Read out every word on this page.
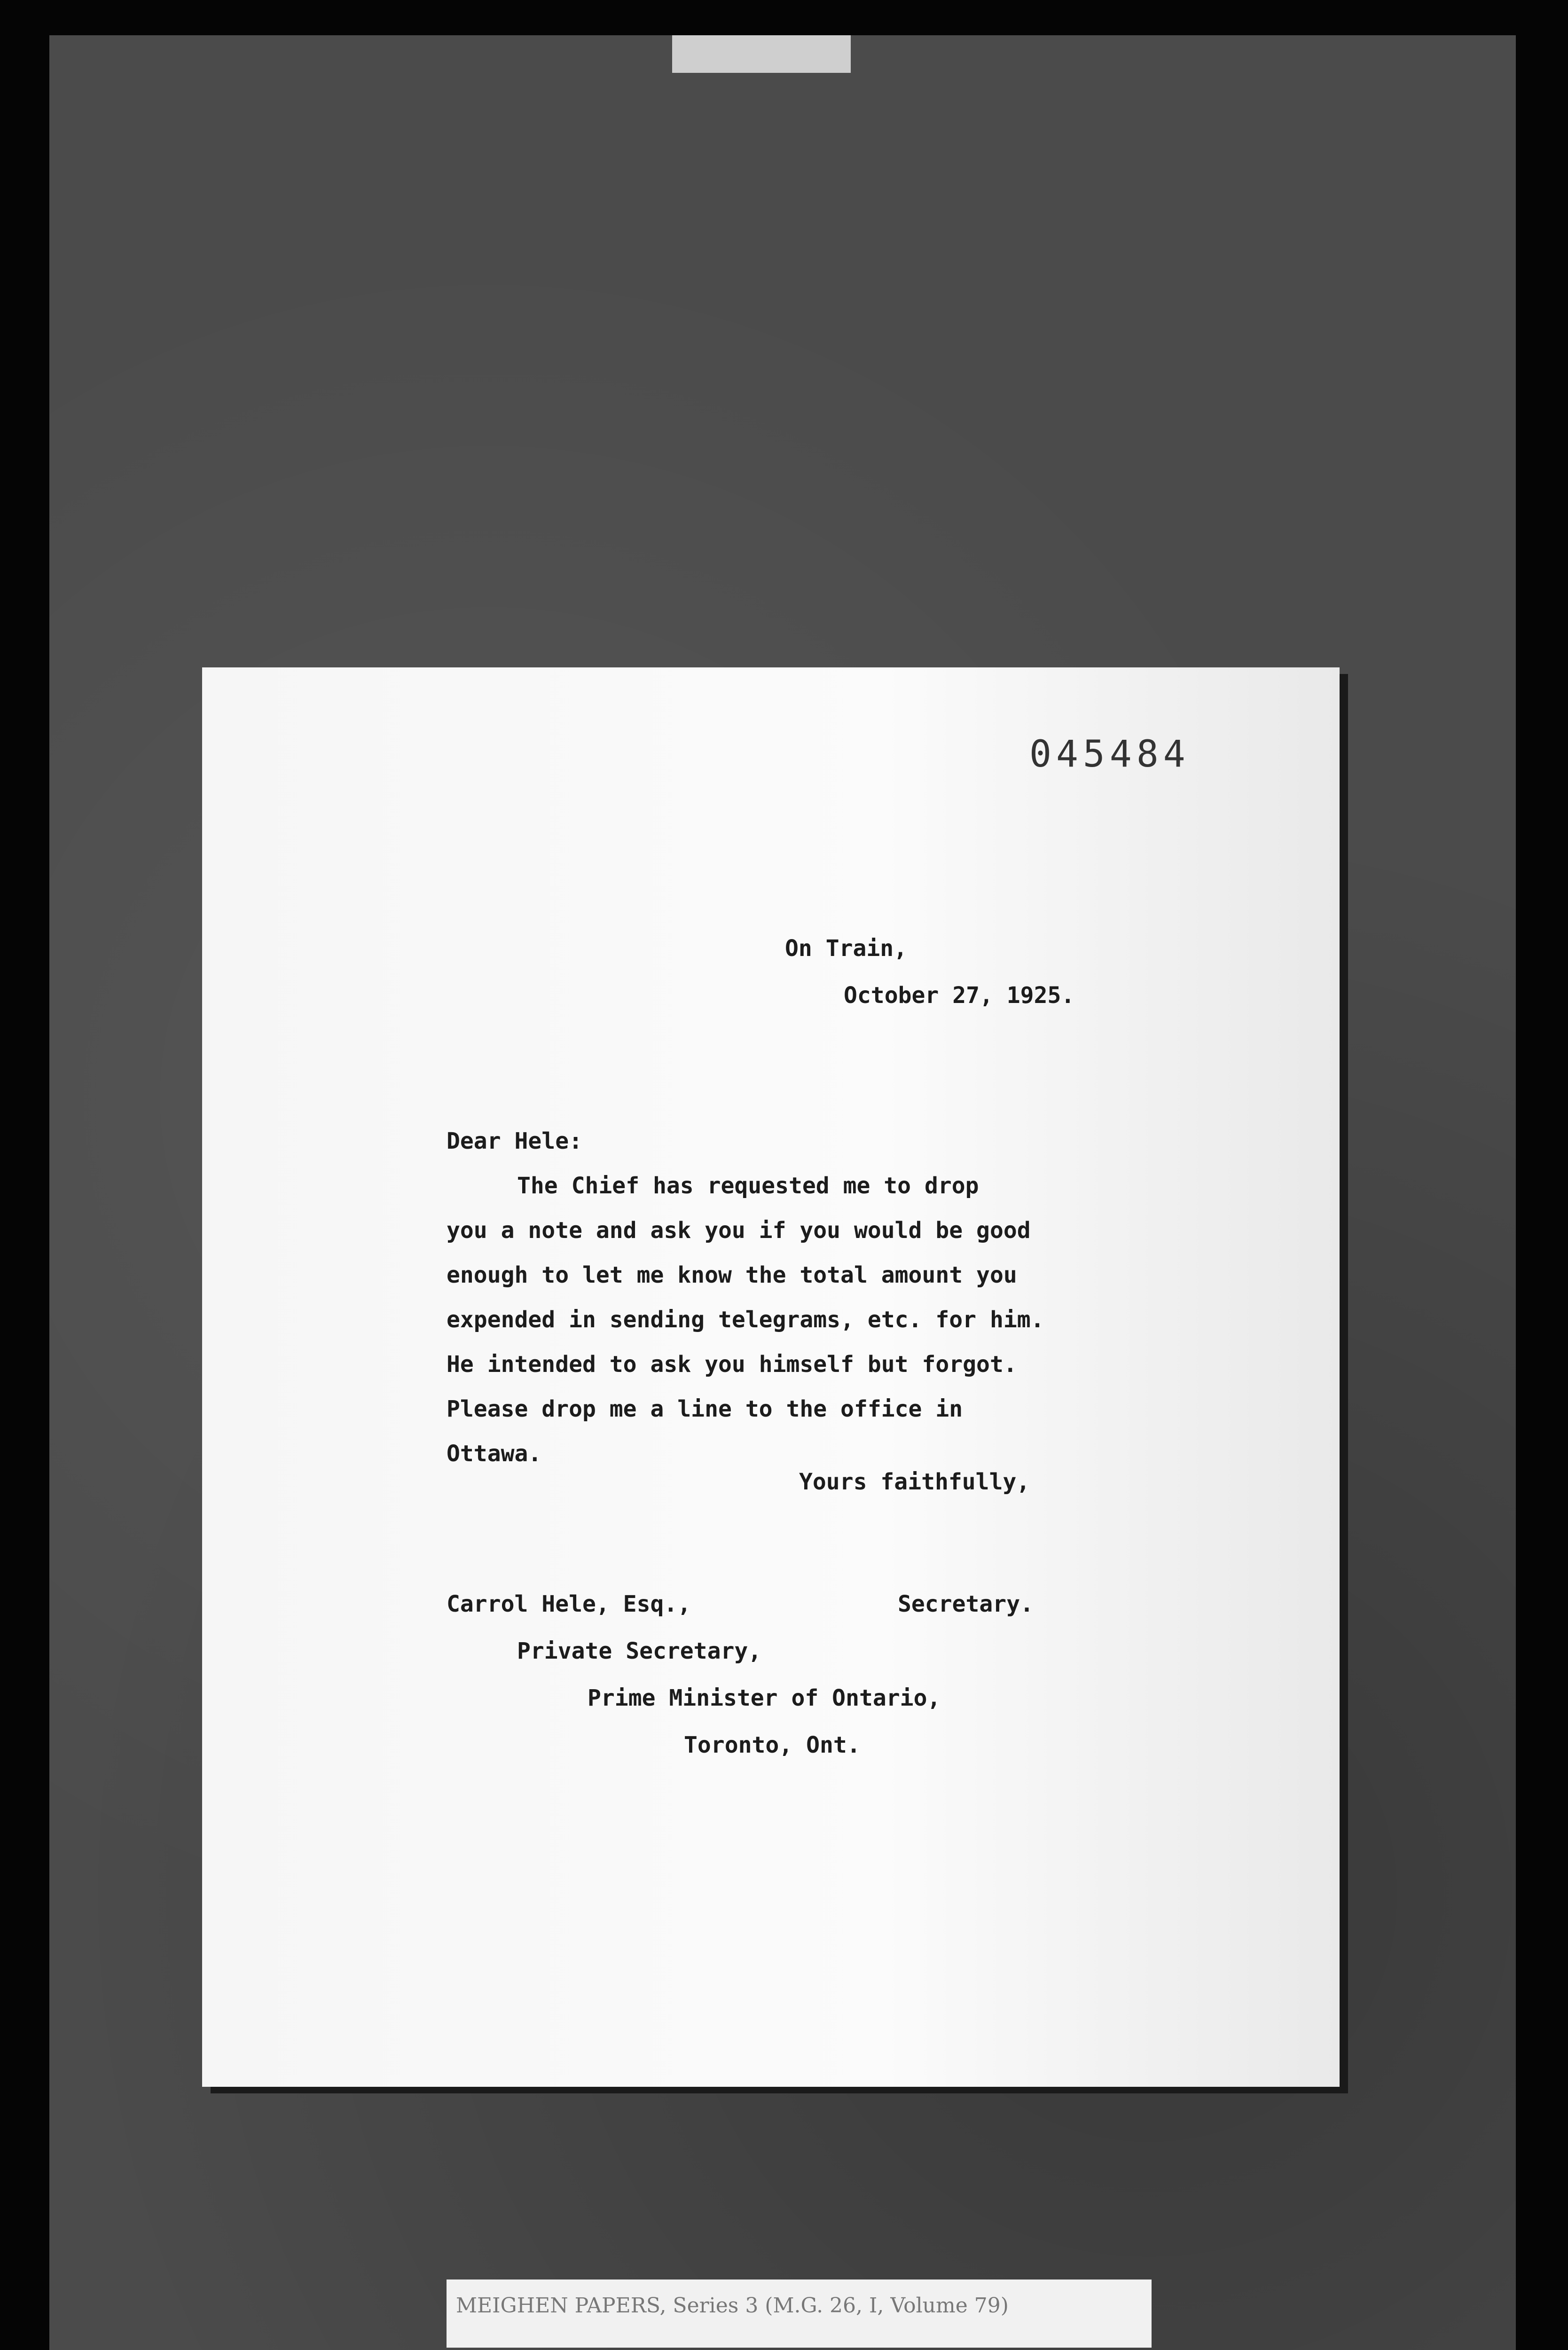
045484
On Train,
October 27, 1925.
Dear Hele:
The Chief has requested me to drop
you a note and ask you if you would be good
enough to let me know the total amount you
expended in sending telegrams, etc. for him.
He intended to ask you himself but forgot.
Please drop me a line to the office in
Ottawa.
Yours faithfully,
Carrol Hele, Esq.,	Secretary.
Private Secretary,
Prime Minister of Ontario,
Toronto, Ont.
MEIGHEN PAPERS, Series 3 (M.G. 26, I, Volume 79)
